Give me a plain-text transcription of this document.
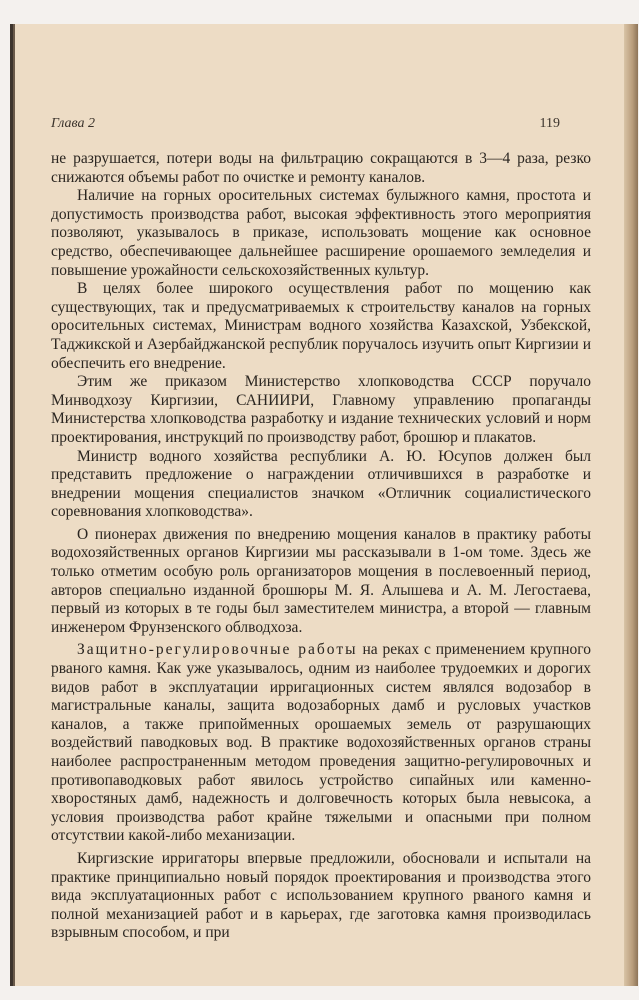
Глава 2	119

не разрушается, потери воды на фильтрацию сокращаются в 3—4 раза, резко снижаются объемы работ по очистке и ремонту каналов.

Наличие на горных оросительных системах булыжного камня, простота и допустимость производства работ, высокая эффективность этого мероприятия позволяют, указывалось в приказе, использовать мощение как основное средство, обеспечивающее дальнейшее расширение орошаемого земледелия и повышение урожайности сельскохозяйственных культур.

В целях более широкого осуществления работ по мощению как существующих, так и предусматриваемых к строительству каналов на горных оросительных системах, Министрам водного хозяйства Казахской, Узбекской, Таджикской и Азербайджанской республик поручалось изучить опыт Киргизии и обеспечить его внедрение.

Этим же приказом Министерство хлопководства СССР поручало Минводхозу Киргизии, САНИИРИ, Главному управлению пропаганды Министерства хлопководства разработку и издание технических условий и норм проектирования, инструкций по производству работ, брошюр и плакатов.

Министр водного хозяйства республики А. Ю. Юсупов должен был представить предложение о награждении отличившихся в разработке и внедрении мощения специалистов значком «Отличник социалистического соревнования хлопководства».

О пионерах движения по внедрению мощения каналов в практику работы водохозяйственных органов Киргизии мы рассказывали в 1-ом томе. Здесь же только отметим особую роль организаторов мощения в послевоенный период, авторов специально изданной брошюры М. Я. Алышева и А. М. Легостаева, первый из которых в те годы был заместителем министра, а второй — главным инженером Фрунзенского облводхоза.

Защитно-регулировочные работы на реках с применением крупного рваного камня. Как уже указывалось, одним из наиболее трудоемких и дорогих видов работ в эксплуатации ирригационных систем являлся водозабор в магистральные каналы, защита водозаборных дамб и русловых участков каналов, а также припойменных орошаемых земель от разрушающих воздействий паводковых вод. В практике водохозяйственных органов страны наиболее распространенным методом проведения защитно-регулировочных и противопаводковых работ явилось устройство сипайных или каменно-хворостяных дамб, надежность и долговечность которых была невысока, а условия производства работ крайне тяжелыми и опасными при полном отсутствии какой-либо механизации.

Киргизские ирригаторы впервые предложили, обосновали и испытали на практике принципиально новый порядок проектирования и производства этого вида эксплуатационных работ с использованием крупного рваного камня и полной механизацией работ и в карьерах, где заготовка камня производилась взрывным способом, и при
